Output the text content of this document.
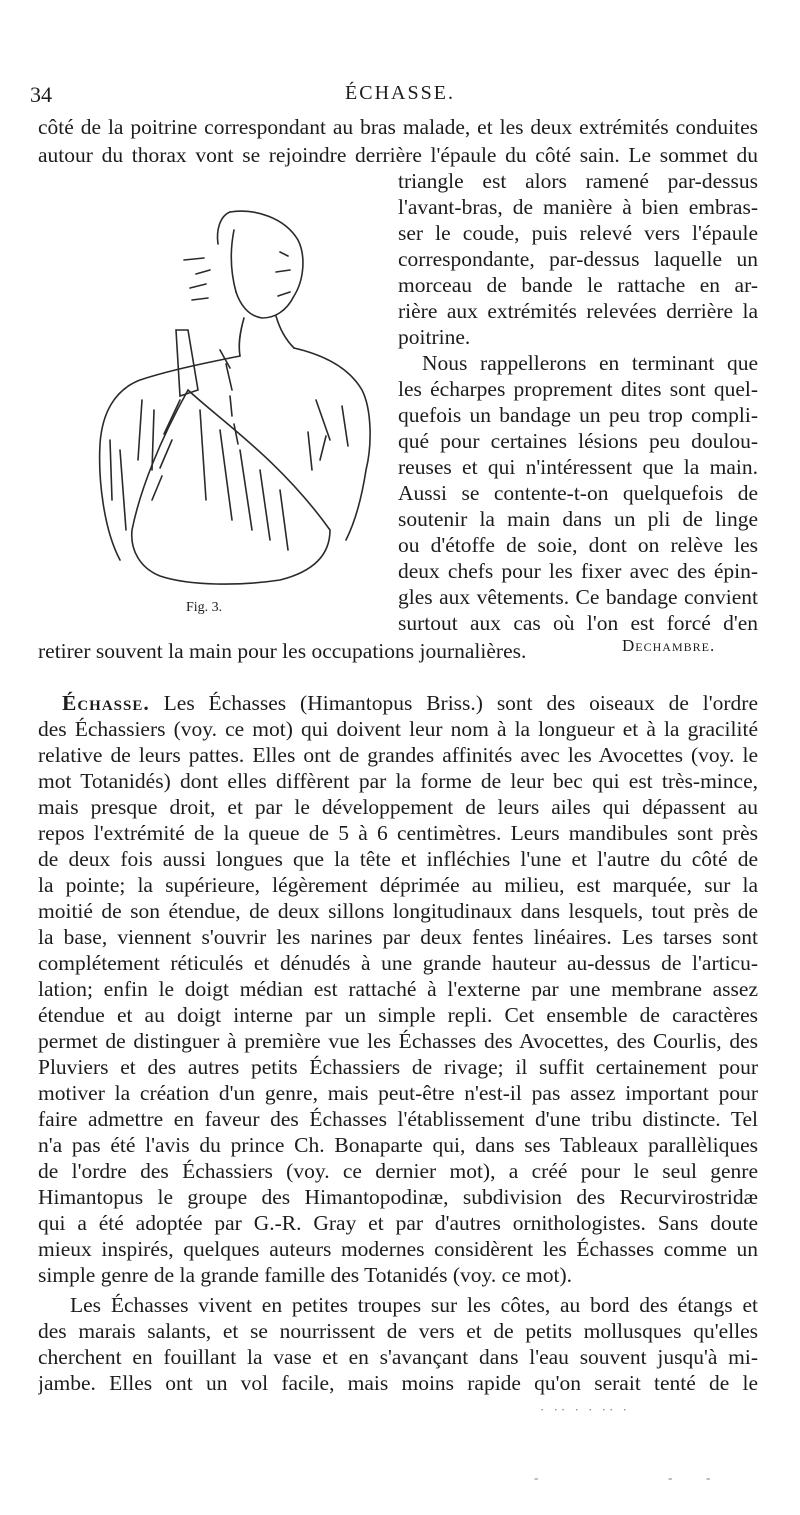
34	ÉCHASSE.
côté de la poitrine correspondant au bras malade, et les deux extrémités conduites
autour du thorax vont se rejoindre derrière l'épaule du côté sain. Le sommet du
triangle est alors ramené par-dessus
l'avant-bras, de manière à bien embras-
ser le coude, puis relevé vers l'épaule
correspondante, par-dessus laquelle un
morceau de bande le rattache en ar-
rière aux extrémités relevées derrière la
poitrine.
Nous rappellerons en terminant que
les écharpes proprement dites sont quel-
quefois un bandage un peu trop compli-
qué pour certaines lésions peu doulou-
reuses et qui n'intéressent que la main.
Aussi se contente-t-on quelquefois de
soutenir la main dans un pli de linge
ou d'étoffe de soie, dont on relève les
deux chefs pour les fixer avec des épin-
gles aux vêtements. Ce bandage convient
surtout aux cas où l'on est forcé d'en
Fig. 3.
retirer souvent la main pour les occupations journalières.	Dechambre.
Échasse. Les Échasses (Himantopus Briss.) sont des oiseaux de l'ordre
des Échassiers (voy. ce mot) qui doivent leur nom à la longueur et à la gracilité
relative de leurs pattes. Elles ont de grandes affinités avec les Avocettes (voy. le
mot Totanidés) dont elles diffèrent par la forme de leur bec qui est très-mince,
mais presque droit, et par le développement de leurs ailes qui dépassent au
repos l'extrémité de la queue de 5 à 6 centimètres. Leurs mandibules sont près
de deux fois aussi longues que la tête et infléchies l'une et l'autre du côté de
la pointe; la supérieure, légèrement déprimée au milieu, est marquée, sur la
moitié de son étendue, de deux sillons longitudinaux dans lesquels, tout près de
la base, viennent s'ouvrir les narines par deux fentes linéaires. Les tarses sont
complétement réticulés et dénudés à une grande hauteur au-dessus de l'articu-
lation; enfin le doigt médian est rattaché à l'externe par une membrane assez
étendue et au doigt interne par un simple repli. Cet ensemble de caractères
permet de distinguer à première vue les Échasses des Avocettes, des Courlis, des
Pluviers et des autres petits Échassiers de rivage; il suffit certainement pour
motiver la création d'un genre, mais peut-être n'est-il pas assez important pour
faire admettre en faveur des Échasses l'établissement d'une tribu distincte. Tel
n'a pas été l'avis du prince Ch. Bonaparte qui, dans ses Tableaux parallèliques
de l'ordre des Échassiers (voy. ce dernier mot), a créé pour le seul genre
Himantopus le groupe des Himantopodinæ, subdivision des Recurvirostridæ
qui a été adoptée par G.-R. Gray et par d'autres ornithologistes. Sans doute
mieux inspirés, quelques auteurs modernes considèrent les Échasses comme un
simple genre de la grande famille des Totanidés (voy. ce mot).
Les Échasses vivent en petites troupes sur les côtes, au bord des étangs et
des marais salants, et se nourrissent de vers et de petits mollusques qu'elles
cherchent en fouillant la vase et en s'avançant dans l'eau souvent jusqu'à mi-
jambe. Elles ont un vol facile, mais moins rapide qu'on serait tenté de le
· ·· · · ·· ·
-	-	-
